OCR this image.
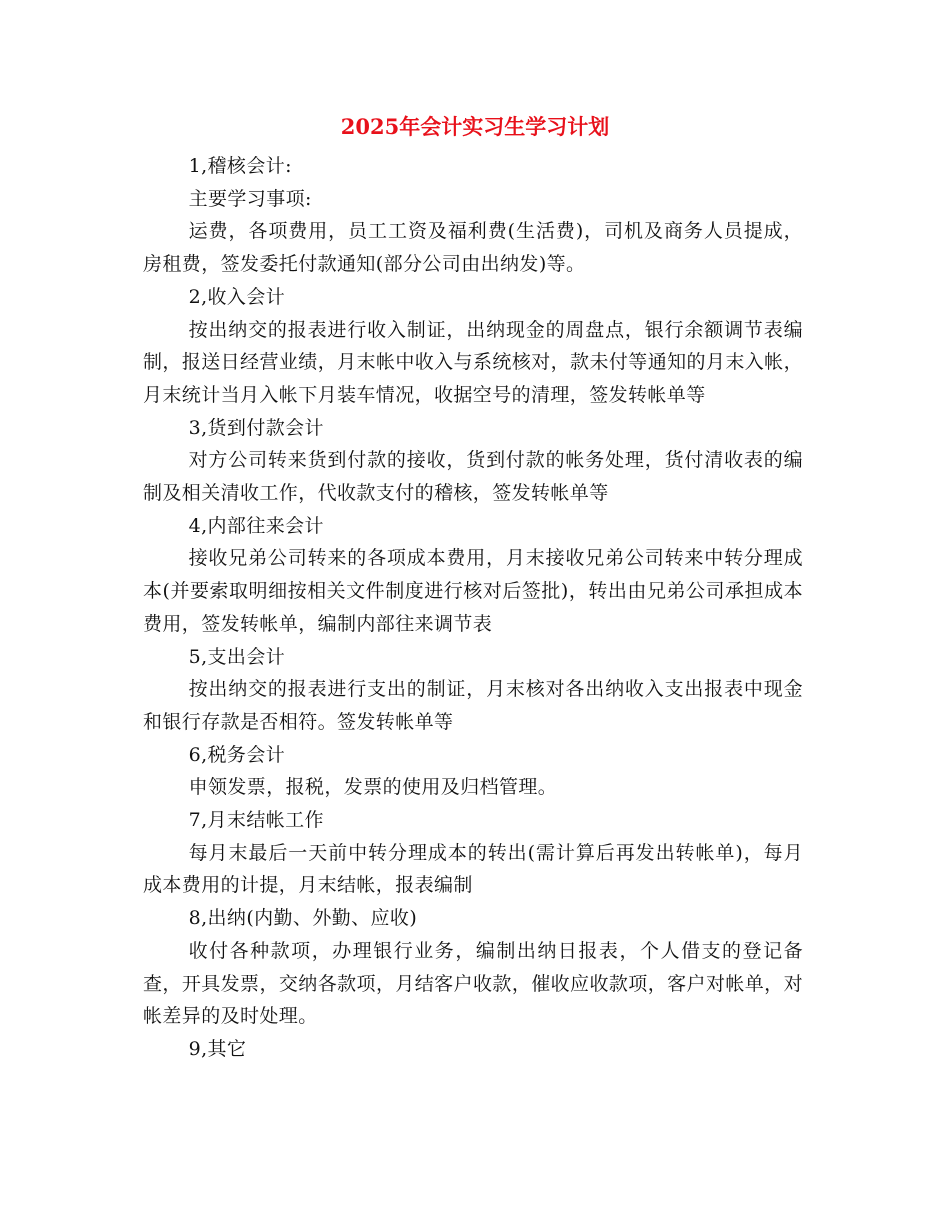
2025年会计实习生学习计划

1,稽核会计:

主要学习事项:

运费，各项费用，员工工资及福利费(生活费)，司机及商务人员提成，房租费，签发委托付款通知(部分公司由出纳发)等。

2,收入会计

按出纳交的报表进行收入制证，出纳现金的周盘点，银行余额调节表编制，报送日经营业绩，月末帐中收入与系统核对，款未付等通知的月末入帐，月末统计当月入帐下月装车情况，收据空号的清理，签发转帐单等

3,货到付款会计

对方公司转来货到付款的接收，货到付款的帐务处理，货付清收表的编制及相关清收工作，代收款支付的稽核，签发转帐单等

4,内部往来会计

接收兄弟公司转来的各项成本费用，月末接收兄弟公司转来中转分理成本(并要索取明细按相关文件制度进行核对后签批)，转出由兄弟公司承担成本费用，签发转帐单，编制内部往来调节表

5,支出会计

按出纳交的报表进行支出的制证，月末核对各出纳收入支出报表中现金和银行存款是否相符。签发转帐单等

6,税务会计

申领发票，报税，发票的使用及归档管理。

7,月末结帐工作

每月末最后一天前中转分理成本的转出(需计算后再发出转帐单)，每月成本费用的计提，月末结帐，报表编制

8,出纳(内勤、外勤、应收)

收付各种款项，办理银行业务，编制出纳日报表，个人借支的登记备查，开具发票，交纳各款项，月结客户收款，催收应收款项，客户对帐单，对帐差异的及时处理。

9,其它
